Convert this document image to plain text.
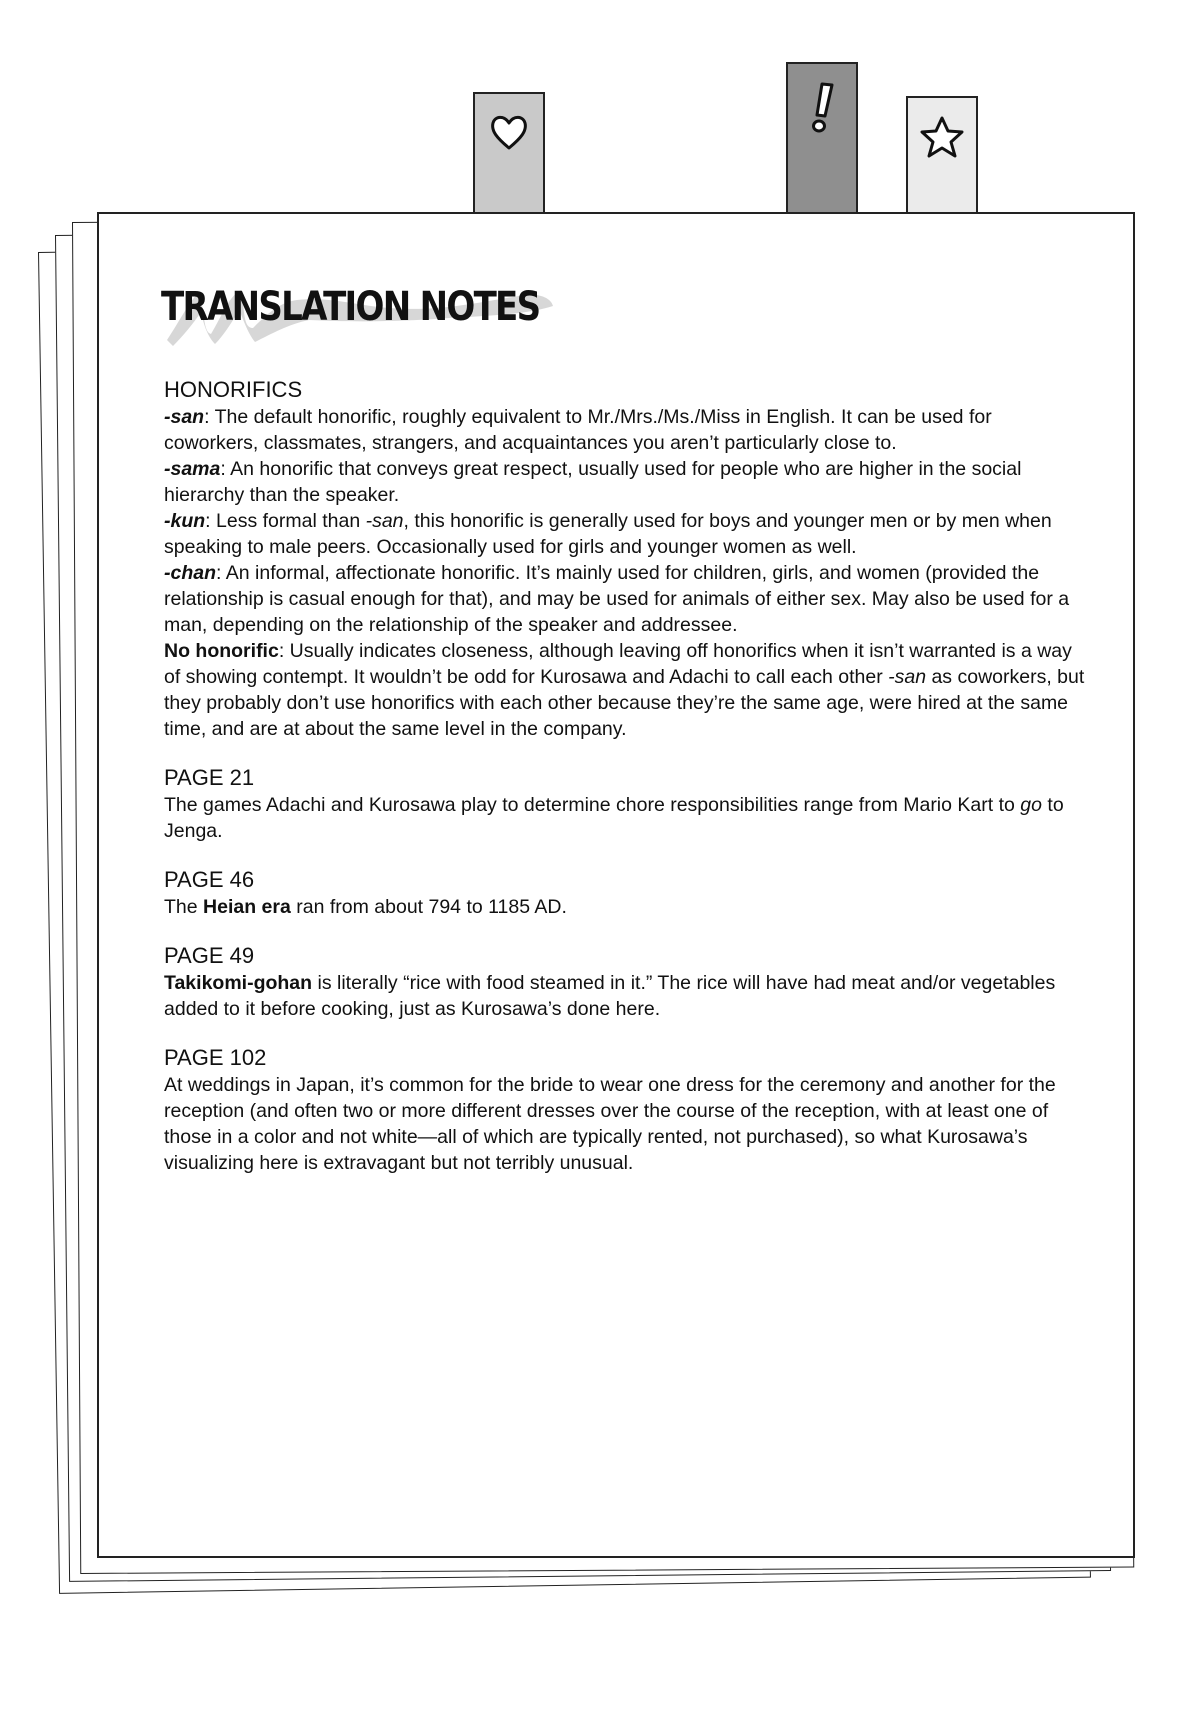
TRANSLATION NOTES
HONORIFICS

-san: The default honorific, roughly equivalent to Mr./Mrs./Ms./Miss in English. It can be used for coworkers, classmates, strangers, and acquaintances you aren’t particularly close to.

-sama: An honorific that conveys great respect, usually used for people who are higher in the social hierarchy than the speaker.

-kun: Less formal than -san, this honorific is generally used for boys and younger men or by men when speaking to male peers. Occasionally used for girls and younger women as well.

-chan: An informal, affectionate honorific. It’s mainly used for children, girls, and women (provided the relationship is casual enough for that), and may be used for animals of either sex. May also be used for a man, depending on the relationship of the speaker and addressee.

No honorific: Usually indicates closeness, although leaving off honorifics when it isn’t warranted is a way of showing contempt. It wouldn’t be odd for Kurosawa and Adachi to call each other -san as coworkers, but they probably don’t use honorifics with each other because they’re the same age, were hired at the same time, and are at about the same level in the company.

PAGE 21

The games Adachi and Kurosawa play to determine chore responsibilities range from Mario Kart to go to Jenga.

PAGE 46

The Heian era ran from about 794 to 1185 AD.

PAGE 49

Takikomi-gohan is literally “rice with food steamed in it.” The rice will have had meat and/or vegetables added to it before cooking, just as Kurosawa’s done here.

PAGE 102

At weddings in Japan, it’s common for the bride to wear one dress for the ceremony and another for the reception (and often two or more different dresses over the course of the reception, with at least one of those in a color and not white—all of which are typically rented, not purchased), so what Kurosawa’s visualizing here is extravagant but not terribly unusual.
